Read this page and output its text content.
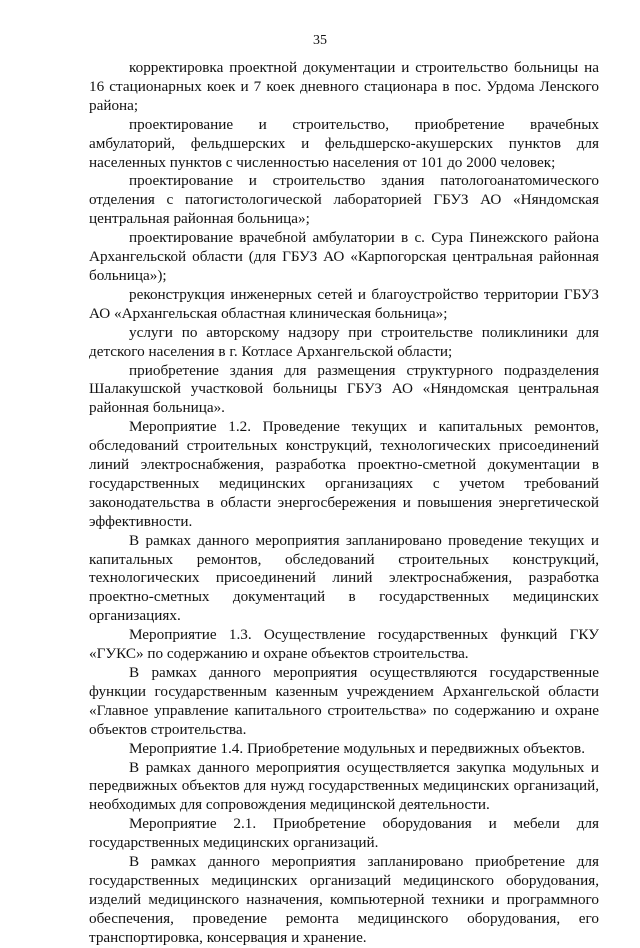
35

корректировка проектной документации и строительство больницы на 16 стационарных коек и 7 коек дневного стационара в пос. Урдома Ленского района;

проектирование и строительство, приобретение врачебных амбулаторий, фельдшерских и фельдшерско-акушерских пунктов для населенных пунктов с численностью населения от 101 до 2000 человек;

проектирование и строительство здания патологоанатомического отделения с патогистологической лабораторией ГБУЗ АО «Няндомская центральная районная больница»;

проектирование врачебной амбулатории в с. Сура Пинежского района Архангельской области (для ГБУЗ АО «Карпогорская центральная районная больница»);

реконструкция инженерных сетей и благоустройство территории ГБУЗ АО «Архангельская областная клиническая больница»;

услуги по авторскому надзору при строительстве поликлиники для детского населения в г. Котласе Архангельской области;

приобретение здания для размещения структурного подразделения Шалакушской участковой больницы ГБУЗ АО «Няндомская центральная районная больница».

Мероприятие 1.2. Проведение текущих и капитальных ремонтов, обследований строительных конструкций, технологических присоединений линий электроснабжения, разработка проектно-сметной документации в государственных медицинских организациях с учетом требований законодательства в области энергосбережения и повышения энергетической эффективности.

В рамках данного мероприятия запланировано проведение текущих и капитальных ремонтов, обследований строительных конструкций, технологических присоединений линий электроснабжения, разработка проектно-сметных документаций в государственных медицинских организациях.

Мероприятие 1.3. Осуществление государственных функций ГКУ «ГУКС» по содержанию и охране объектов строительства.

В рамках данного мероприятия осуществляются государственные функции государственным казенным учреждением Архангельской области «Главное управление капитального строительства» по содержанию и охране объектов строительства.

Мероприятие 1.4. Приобретение модульных и передвижных объектов.

В рамках данного мероприятия осуществляется закупка модульных и передвижных объектов для нужд государственных медицинских организаций, необходимых для сопровождения медицинской деятельности.

Мероприятие 2.1. Приобретение оборудования и мебели для государственных медицинских организаций.

В рамках данного мероприятия запланировано приобретение для государственных медицинских организаций медицинского оборудования, изделий медицинского назначения, компьютерной техники и программного обеспечения, проведение ремонта медицинского оборудования, его транспортировка, консервация и хранение.
